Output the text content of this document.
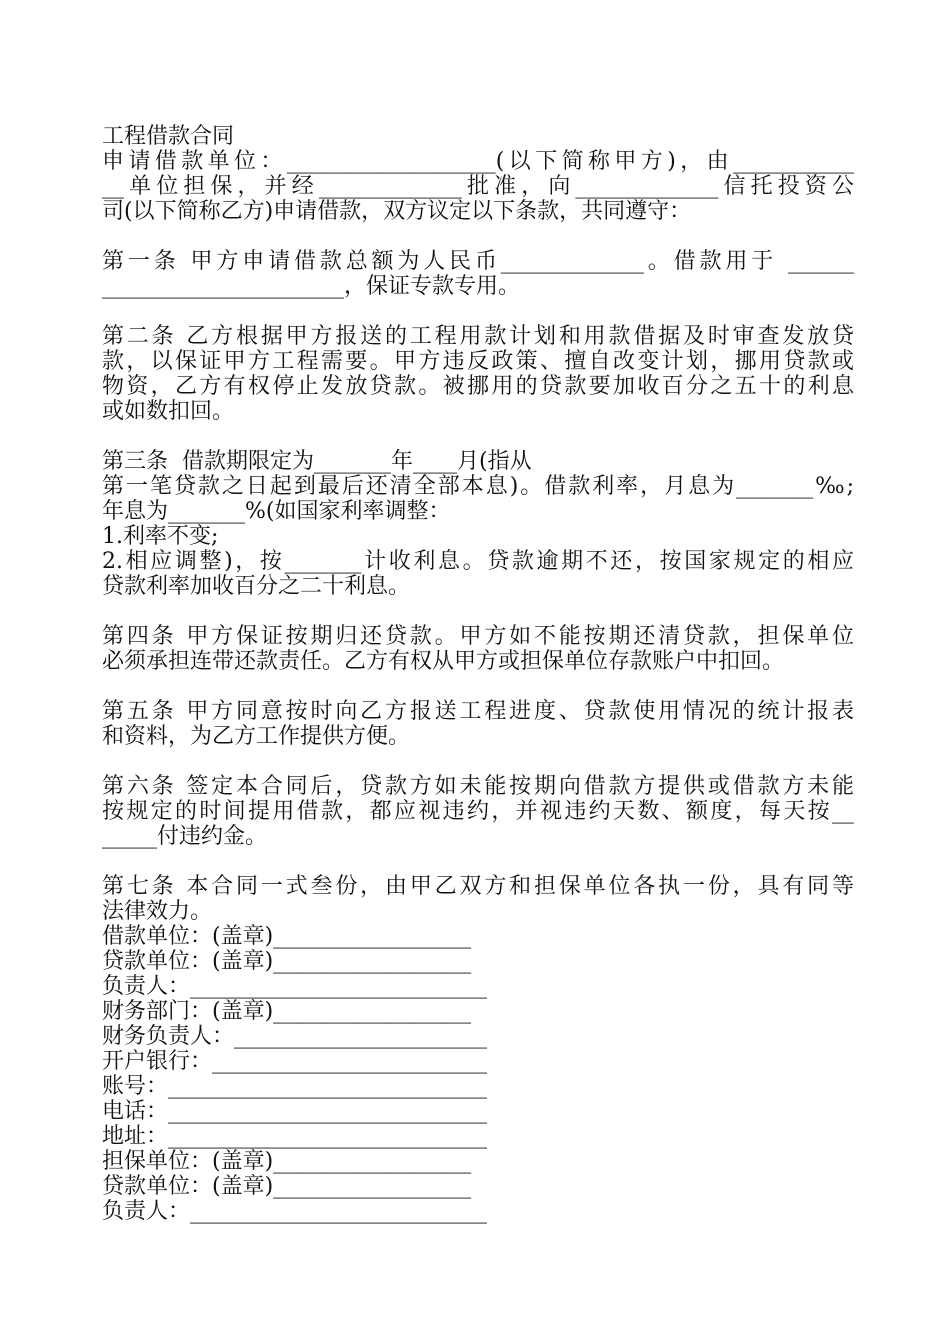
工程借款合同
申请借款单位：___________________(以下简称甲方)，由___________
__单位担保，并经_____________批准，向_____________信托投资公
司(以下简称乙方)申请借款，双方议定以下条款，共同遵守：
第一条 甲方申请借款总额为人民币_____________。借款用于 ______
______________________，保证专款专用。
第二条 乙方根据甲方报送的工程用款计划和用款借据及时审查发放贷
款，以保证甲方工程需要。甲方违反政策、擅自改变计划，挪用贷款或
物资，乙方有权停止发放贷款。被挪用的贷款要加收百分之五十的利息
或如数扣回。
第三条  借款期限定为_______年____月(指从
第一笔贷款之日起到最后还清全部本息)。借款利率，月息为_______‰;
年息为_______%(如国家利率调整：
1.利率不变;
2.相应调整)，按_______计收利息。贷款逾期不还，按国家规定的相应
贷款利率加收百分之二十利息。
第四条 甲方保证按期归还贷款。甲方如不能按期还清贷款，担保单位
必须承担连带还款责任。乙方有权从甲方或担保单位存款账户中扣回。
第五条 甲方同意按时向乙方报送工程进度、贷款使用情况的统计报表
和资料，为乙方工作提供方便。
第六条 签定本合同后，贷款方如未能按期向借款方提供或借款方未能
按规定的时间提用借款，都应视违约，并视违约天数、额度，每天按__
_____付违约金。
第七条 本合同一式叁份，由甲乙双方和担保单位各执一份，具有同等
法律效力。
借款单位：(盖章)__________________
贷款单位：(盖章)__________________
负责人：___________________________
财务部门：(盖章)__________________
财务负责人：_______________________
开户银行：_________________________
账号：_____________________________
电话：_____________________________
地址：_____________________________
担保单位：(盖章)__________________
贷款单位：(盖章)__________________
负责人：___________________________
